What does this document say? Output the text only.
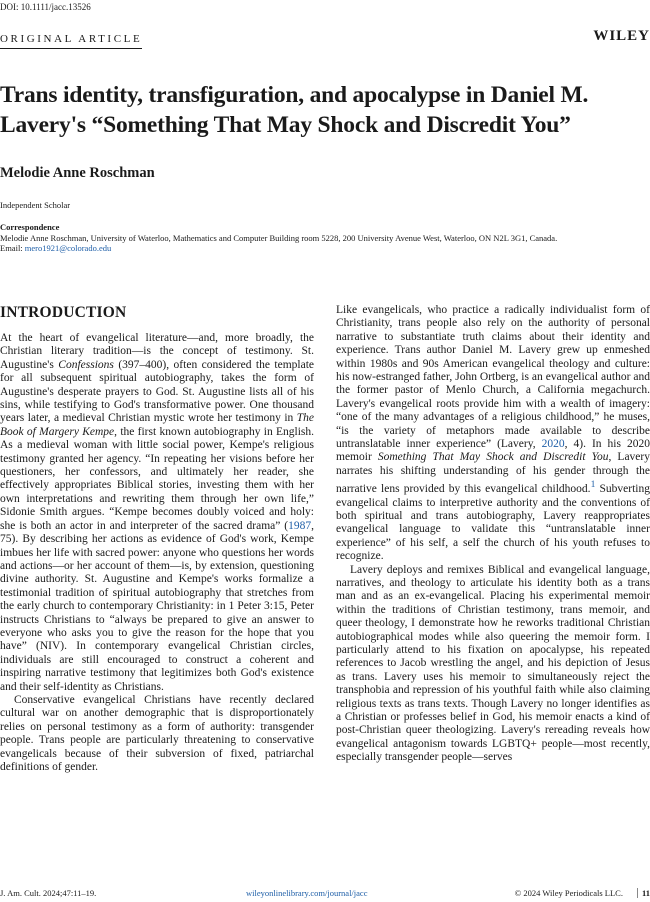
DOI: 10.1111/jacc.13526
ORIGINAL ARTICLE	WILEY
Trans identity, transfiguration, and apocalypse in Daniel M. Lavery's “Something That May Shock and Discredit You”
Melodie Anne Roschman
Independent Scholar
Correspondence
Melodie Anne Roschman, University of Waterloo, Mathematics and Computer Building room 5228, 200 University Avenue West, Waterloo, ON N2L 3G1, Canada.
Email: mero1921@colorado.edu
INTRODUCTION

At the heart of evangelical literature—and, more broadly, the Christian literary tradition—is the concept of testimony. St. Augustine's Confessions (397–400), often considered the template for all subsequent spiritual autobiography, takes the form of Augustine's desperate prayers to God. St. Augustine lists all of his sins, while testifying to God's transformative power. One thousand years later, a medieval Christian mystic wrote her testimony in The Book of Margery Kempe, the first known autobiography in English. As a medieval woman with little social power, Kempe's religious testimony granted her agency. “In repeating her visions before her questioners, her confessors, and ultimately her reader, she effectively appropriates Biblical stories, investing them with her own interpretations and rewriting them through her own life,” Sidonie Smith argues. “Kempe becomes doubly voiced and holy: she is both an actor in and interpreter of the sacred drama” (1987, 75). By describing her actions as evidence of God's work, Kempe imbues her life with sacred power: anyone who questions her words and actions—or her account of them—is, by extension, questioning divine authority. St. Augustine and Kempe's works formalize a testimonial tradition of spiritual autobiography that stretches from the early church to contemporary Christianity: in 1 Peter 3:15, Peter instructs Christians to “always be prepared to give an answer to everyone who asks you to give the reason for the hope that you have” (NIV). In contemporary evangelical Christian circles, individuals are still encouraged to construct a coherent and inspiring narrative testimony that legitimizes both God's existence and their self-identity as Christians.

Conservative evangelical Christians have recently declared cultural war on another demographic that is disproportionately relies on personal testimony as a form of authority: transgender people. Trans people are particularly threatening to conservative evangelicals because of their subversion of fixed, patriarchal definitions of gender.

Like evangelicals, who practice a radically individualist form of Christianity, trans people also rely on the authority of personal narrative to substantiate truth claims about their identity and experience. Trans author Daniel M. Lavery grew up enmeshed within 1980s and 90s American evangelical theology and culture: his now-estranged father, John Ortberg, is an evangelical author and the former pastor of Menlo Church, a California megachurch. Lavery's evangelical roots provide him with a wealth of imagery: “one of the many advantages of a religious childhood,” he muses, “is the variety of metaphors made available to describe untranslatable inner experience” (Lavery, 2020, 4). In his 2020 memoir Something That May Shock and Discredit You, Lavery narrates his shifting understanding of his gender through the narrative lens provided by this evangelical childhood.$^1$ Subverting evangelical claims to interpretive authority and the conventions of both spiritual and trans autobiography, Lavery reappropriates evangelical language to validate this “untranslatable inner experience” of his self, a self the church of his youth refuses to recognize.

Lavery deploys and remixes Biblical and evangelical language, narratives, and theology to articulate his identity both as a trans man and as an ex-evangelical. Placing his experimental memoir within the traditions of Christian testimony, trans memoir, and queer theology, I demonstrate how he reworks traditional Christian autobiographical modes while also queering the memoir form. I particularly attend to his fixation on apocalypse, his repeated references to Jacob wrestling the angel, and his depiction of Jesus as trans. Lavery uses his memoir to simultaneously reject the transphobia and repression of his youthful faith while also claiming religious texts as trans texts. Though Lavery no longer identifies as a Christian or professes belief in God, his memoir enacts a kind of post-Christian queer theologizing. Lavery's rereading reveals how evangelical antagonism towards LGBTQ+ people—most recently, especially transgender people—serves

J. Am. Cult. 2024;47:11–19.	wileyonlinelibrary.com/journal/jacc	© 2024 Wiley Periodicals LLC. 11
